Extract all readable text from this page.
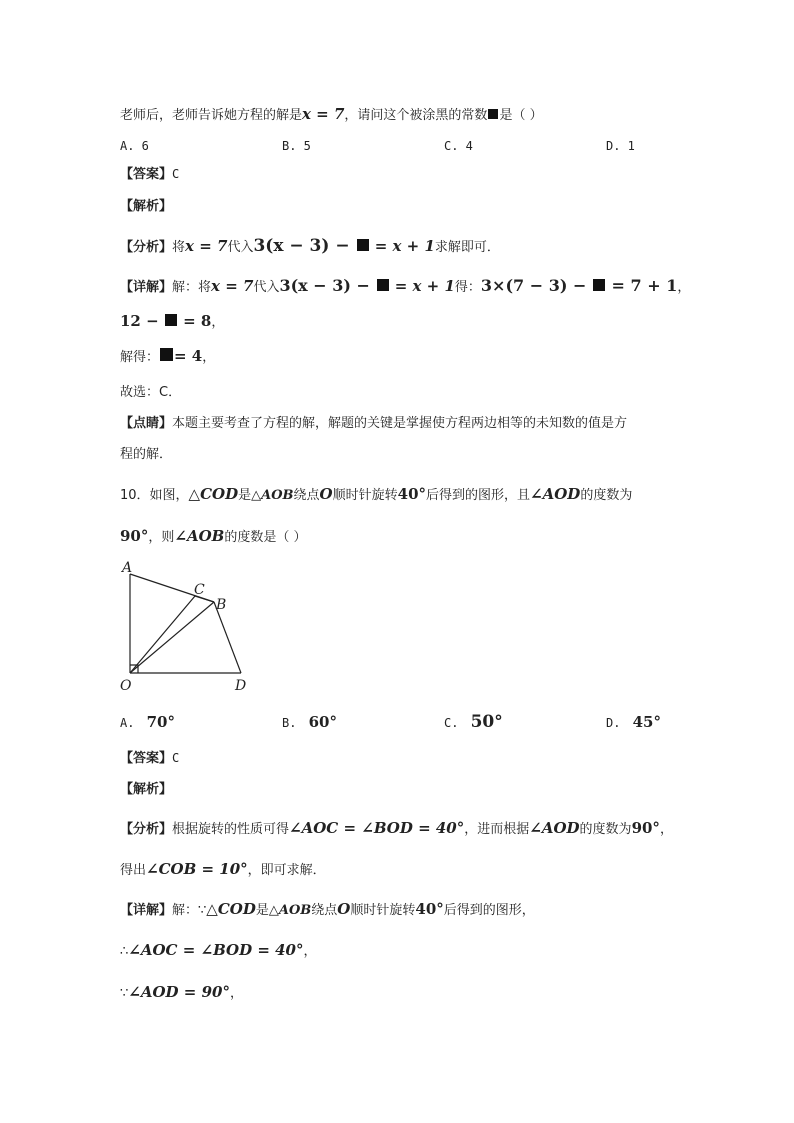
老师后，老师告诉她方程的解是x = 7，请问这个被涂黑的常数 是（ ）
A. 6	B. 5	C. 4	D. 1
【答案】C
【解析】
【分析】将x = 7代入3(x − 3) −  = x + 1求解即可．
【详解】解：将x = 7代入3(x − 3) −  = x + 1得：3×(7 − 3) −  = 7 + 1，
12 −  = 8，
解得： = 4，
故选：C．
【点睛】本题主要考查了方程的解，解题的关键是掌握使方程两边相等的未知数的值是方
程的解．
10．如图，△COD是△AOB绕点O顺时针旋转40°后得到的图形，且∠AOD的度数为
90°，则∠AOB的度数是（ ）
A
C
B
O	D
A. 70°	B. 60°	C. 50°	D. 45°
【答案】C
【解析】
【分析】根据旋转的性质可得∠AOC = ∠BOD = 40°，进而根据∠AOD的度数为90°，
得出∠COB = 10°，即可求解．
【详解】解：∵△COD是△AOB绕点O顺时针旋转40°后得到的图形，
∴∠AOC = ∠BOD = 40°，
∵∠AOD = 90°，
